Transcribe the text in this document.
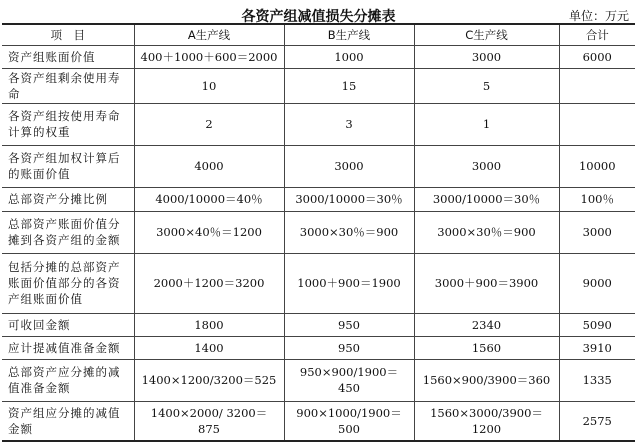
各资产组减值损失分摊表	单位：万元
项　目	A生产线	B生产线	C生产线	合计
资产组账面价值	400＋1000＋600＝2000	1000	3000	6000
各资产组剩余使用寿命	10	15	5	
各资产组按使用寿命计算的权重	2	3	1	
各资产组加权计算后的账面价值	4000	3000	3000	10000
总部资产分摊比例	4000/10000＝40％	3000/10000＝30％	3000/10000＝30％	100％
总部资产账面价值分摊到各资产组的金额	3000×40％＝1200	3000×30％＝900	3000×30％＝900	3000
包括分摊的总部资产账面价值部分的各资产组账面价值	2000＋1200＝3200	1000＋900＝1900	3000＋900＝3900	9000
可收回金额	1800	950	2340	5090
应计提减值准备金额	1400	950	1560	3910
总部资产应分摊的减值准备金额	1400×1200/3200＝525	950×900/1900＝450	1560×900/3900＝360	1335
资产组应分摊的减值金额	1400×2000/ 3200＝875	900×1000/1900＝500	1560×3000/3900＝1200	2575
